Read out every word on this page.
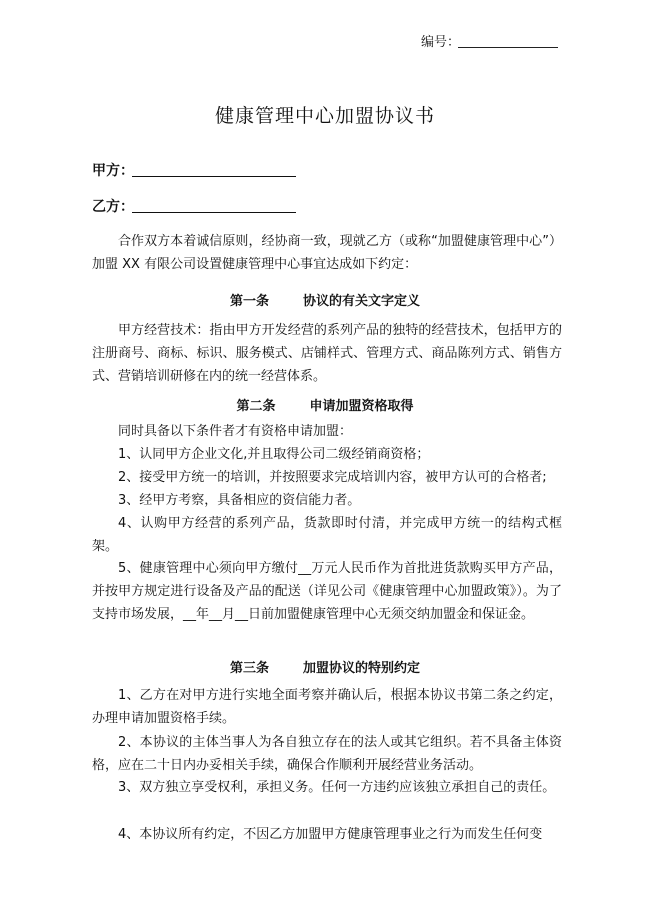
编号：
健康管理中心加盟协议书
甲方：
乙方：
合作双方本着诚信原则，经协商一致，现就乙方（或称“加盟健康管理中心”）加盟 XX 有限公司设置健康管理中心事宜达成如下约定：
第一条	协议的有关文字定义
甲方经营技术：指由甲方开发经营的系列产品的独特的经营技术，包括甲方的注册商号、商标、标识、服务模式、店铺样式、管理方式、商品陈列方式、销售方式、营销培训研修在内的统一经营体系。
第二条	申请加盟资格取得
同时具备以下条件者才有资格申请加盟：
1、认同甲方企业文化,并且取得公司二级经销商资格；
2、接受甲方统一的培训，并按照要求完成培训内容，被甲方认可的合格者;
3、经甲方考察，具备相应的资信能力者。
4、认购甲方经营的系列产品，货款即时付清，并完成甲方统一的结构式框架。
5、健康管理中心须向甲方缴付__万元人民币作为首批进货款购买甲方产品，并按甲方规定进行设备及产品的配送（详见公司《健康管理中心加盟政策》）。为了支持市场发展，__年__月__日前加盟健康管理中心无须交纳加盟金和保证金。
第三条	加盟协议的特别约定
1、乙方在对甲方进行实地全面考察并确认后，根据本协议书第二条之约定，办理申请加盟资格手续。
2、本协议的主体当事人为各自独立存在的法人或其它组织。若不具备主体资格，应在二十日内办妥相关手续，确保合作顺利开展经营业务活动。
3、双方独立享受权利，承担义务。任何一方违约应该独立承担自己的责任。
4、本协议所有约定，不因乙方加盟甲方健康管理事业之行为而发生任何变
